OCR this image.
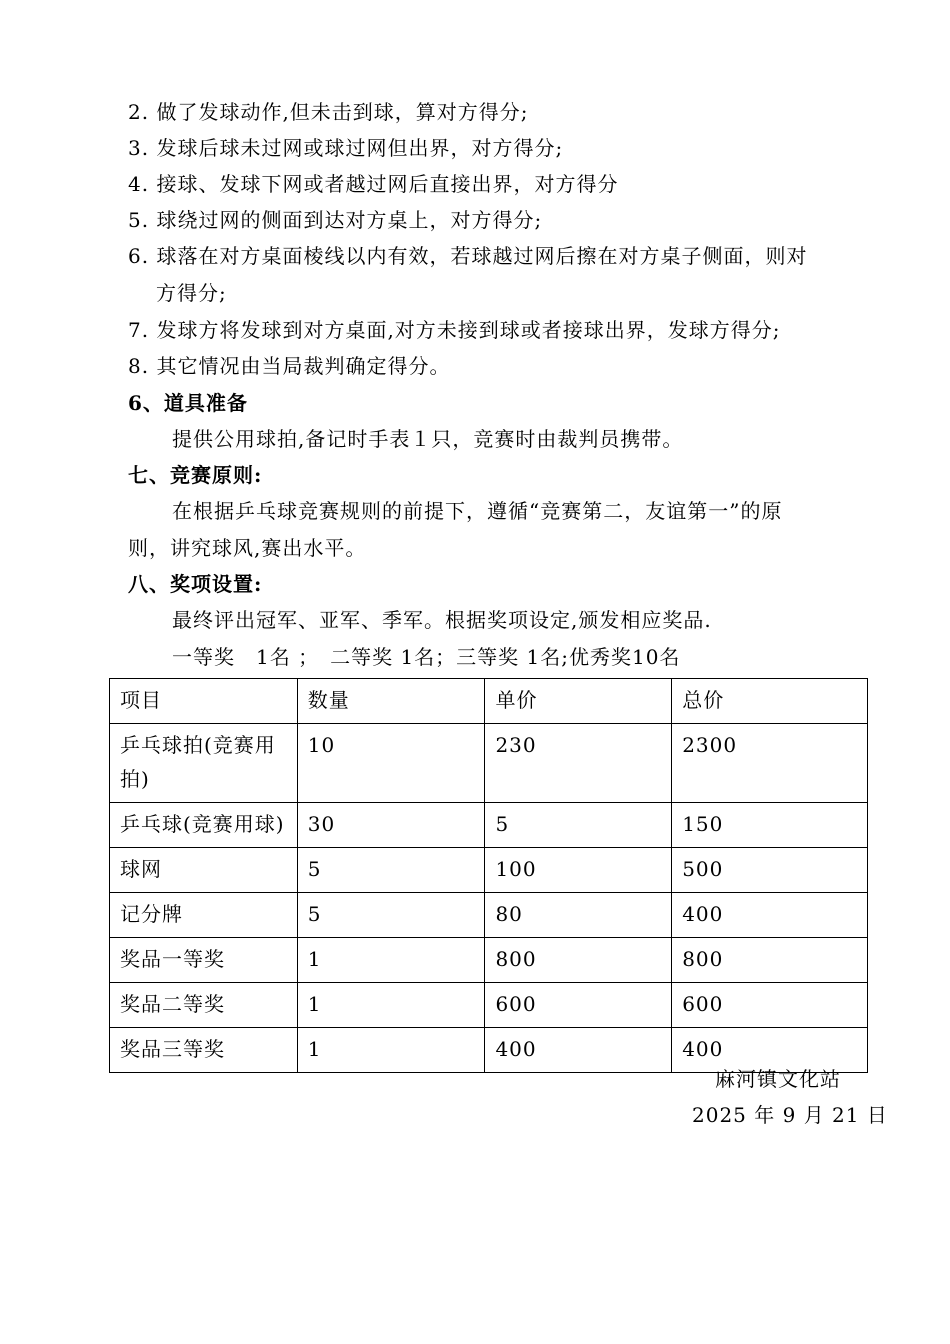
2. 做了发球动作,但未击到球，算对方得分;
3. 发球后球未过网或球过网但出界，对方得分;
4. 接球、发球下网或者越过网后直接出界，对方得分
5. 球绕过网的侧面到达对方桌上，对方得分;
6. 球落在对方桌面棱线以内有效，若球越过网后擦在对方桌子侧面，则对
方得分;
7. 发球方将发球到对方桌面,对方未接到球或者接球出界，发球方得分;
8. 其它情况由当局裁判确定得分。
6、道具准备
提供公用球拍,备记时手表１只，竞赛时由裁判员携带。
七、竞赛原则:
在根据乒乓球竞赛规则的前提下，遵循“竞赛第二，友谊第一”的原
则，讲究球风,赛出水平。
八、奖项设置:
最终评出冠军、亚军、季军。根据奖项设定,颁发相应奖品.
一等奖　1名 ；　二等奖 1名；三等奖 1名;优秀奖10名
项目	数量	单价	总价
乒乓球拍(竞赛用拍)	10	230	2300
乒乓球(竞赛用球)	30	5	150
球网	5	100	500
记分牌	5	80	400
奖品一等奖	1	800	800
奖品二等奖	1	600	600
奖品三等奖	1	400	400
麻河镇文化站
2025 年 9 月 21 日
